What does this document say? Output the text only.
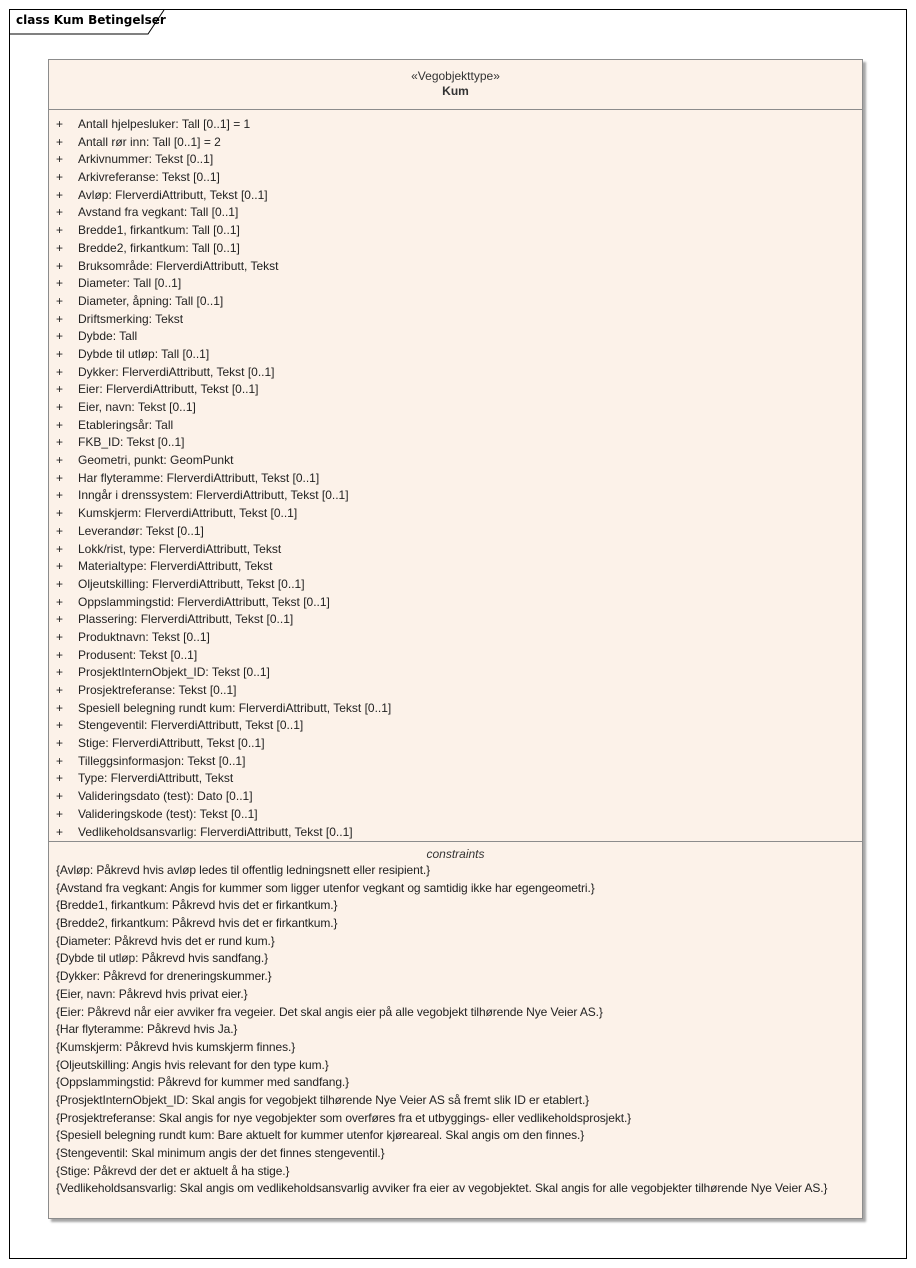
class Kum Betingelser
«Vegobjekttype»
Kum
+ Antall hjelpesluker: Tall [0..1] = 1
+ Antall rør inn: Tall [0..1] = 2
+ Arkivnummer: Tekst [0..1]
+ Arkivreferanse: Tekst [0..1]
+ Avløp: FlerverdiAttributt, Tekst [0..1]
+ Avstand fra vegkant: Tall [0..1]
+ Bredde1, firkantkum: Tall [0..1]
+ Bredde2, firkantkum: Tall [0..1]
+ Bruksområde: FlerverdiAttributt, Tekst
+ Diameter: Tall [0..1]
+ Diameter, åpning: Tall [0..1]
+ Driftsmerking: Tekst
+ Dybde: Tall
+ Dybde til utløp: Tall [0..1]
+ Dykker: FlerverdiAttributt, Tekst [0..1]
+ Eier: FlerverdiAttributt, Tekst [0..1]
+ Eier, navn: Tekst [0..1]
+ Etableringsår: Tall
+ FKB_ID: Tekst [0..1]
+ Geometri, punkt: GeomPunkt
+ Har flyteramme: FlerverdiAttributt, Tekst [0..1]
+ Inngår i drenssystem: FlerverdiAttributt, Tekst [0..1]
+ Kumskjerm: FlerverdiAttributt, Tekst [0..1]
+ Leverandør: Tekst [0..1]
+ Lokk/rist, type: FlerverdiAttributt, Tekst
+ Materialtype: FlerverdiAttributt, Tekst
+ Oljeutskilling: FlerverdiAttributt, Tekst [0..1]
+ Oppslammingstid: FlerverdiAttributt, Tekst [0..1]
+ Plassering: FlerverdiAttributt, Tekst [0..1]
+ Produktnavn: Tekst [0..1]
+ Produsent: Tekst [0..1]
+ ProsjektInternObjekt_ID: Tekst [0..1]
+ Prosjektreferanse: Tekst [0..1]
+ Spesiell belegning rundt kum: FlerverdiAttributt, Tekst [0..1]
+ Stengeventil: FlerverdiAttributt, Tekst [0..1]
+ Stige: FlerverdiAttributt, Tekst [0..1]
+ Tilleggsinformasjon: Tekst [0..1]
+ Type: FlerverdiAttributt, Tekst
+ Valideringsdato (test): Dato [0..1]
+ Valideringskode (test): Tekst [0..1]
+ Vedlikeholdsansvarlig: FlerverdiAttributt, Tekst [0..1]
constraints
{Avløp: Påkrevd hvis avløp ledes til offentlig ledningsnett eller resipient.}
{Avstand fra vegkant: Angis for kummer som ligger utenfor vegkant og samtidig ikke har egengeometri.}
{Bredde1, firkantkum: Påkrevd hvis det er firkantkum.}
{Bredde2, firkantkum: Påkrevd hvis det er firkantkum.}
{Diameter: Påkrevd hvis det er rund kum.}
{Dybde til utløp: Påkrevd hvis sandfang.}
{Dykker: Påkrevd for dreneringskummer.}
{Eier, navn: Påkrevd hvis privat eier.}
{Eier: Påkrevd når eier avviker fra vegeier. Det skal angis eier på alle vegobjekt tilhørende Nye Veier AS.}
{Har flyteramme: Påkrevd hvis Ja.}
{Kumskjerm: Påkrevd hvis kumskjerm finnes.}
{Oljeutskilling: Angis hvis relevant for den type kum.}
{Oppslammingstid: Påkrevd for kummer med sandfang.}
{ProsjektInternObjekt_ID: Skal angis for vegobjekt tilhørende Nye Veier AS så fremt slik ID er etablert.}
{Prosjektreferanse: Skal angis for nye vegobjekter som overføres fra et utbyggings- eller vedlikeholdsprosjekt.}
{Spesiell belegning rundt kum: Bare aktuelt for kummer utenfor kjøreareal. Skal angis om den finnes.}
{Stengeventil: Skal minimum angis der det finnes stengeventil.}
{Stige: Påkrevd der det er aktuelt å ha stige.}
{Vedlikeholdsansvarlig: Skal angis om vedlikeholdsansvarlig avviker fra eier av vegobjektet. Skal angis for alle vegobjekter tilhørende Nye Veier AS.}
